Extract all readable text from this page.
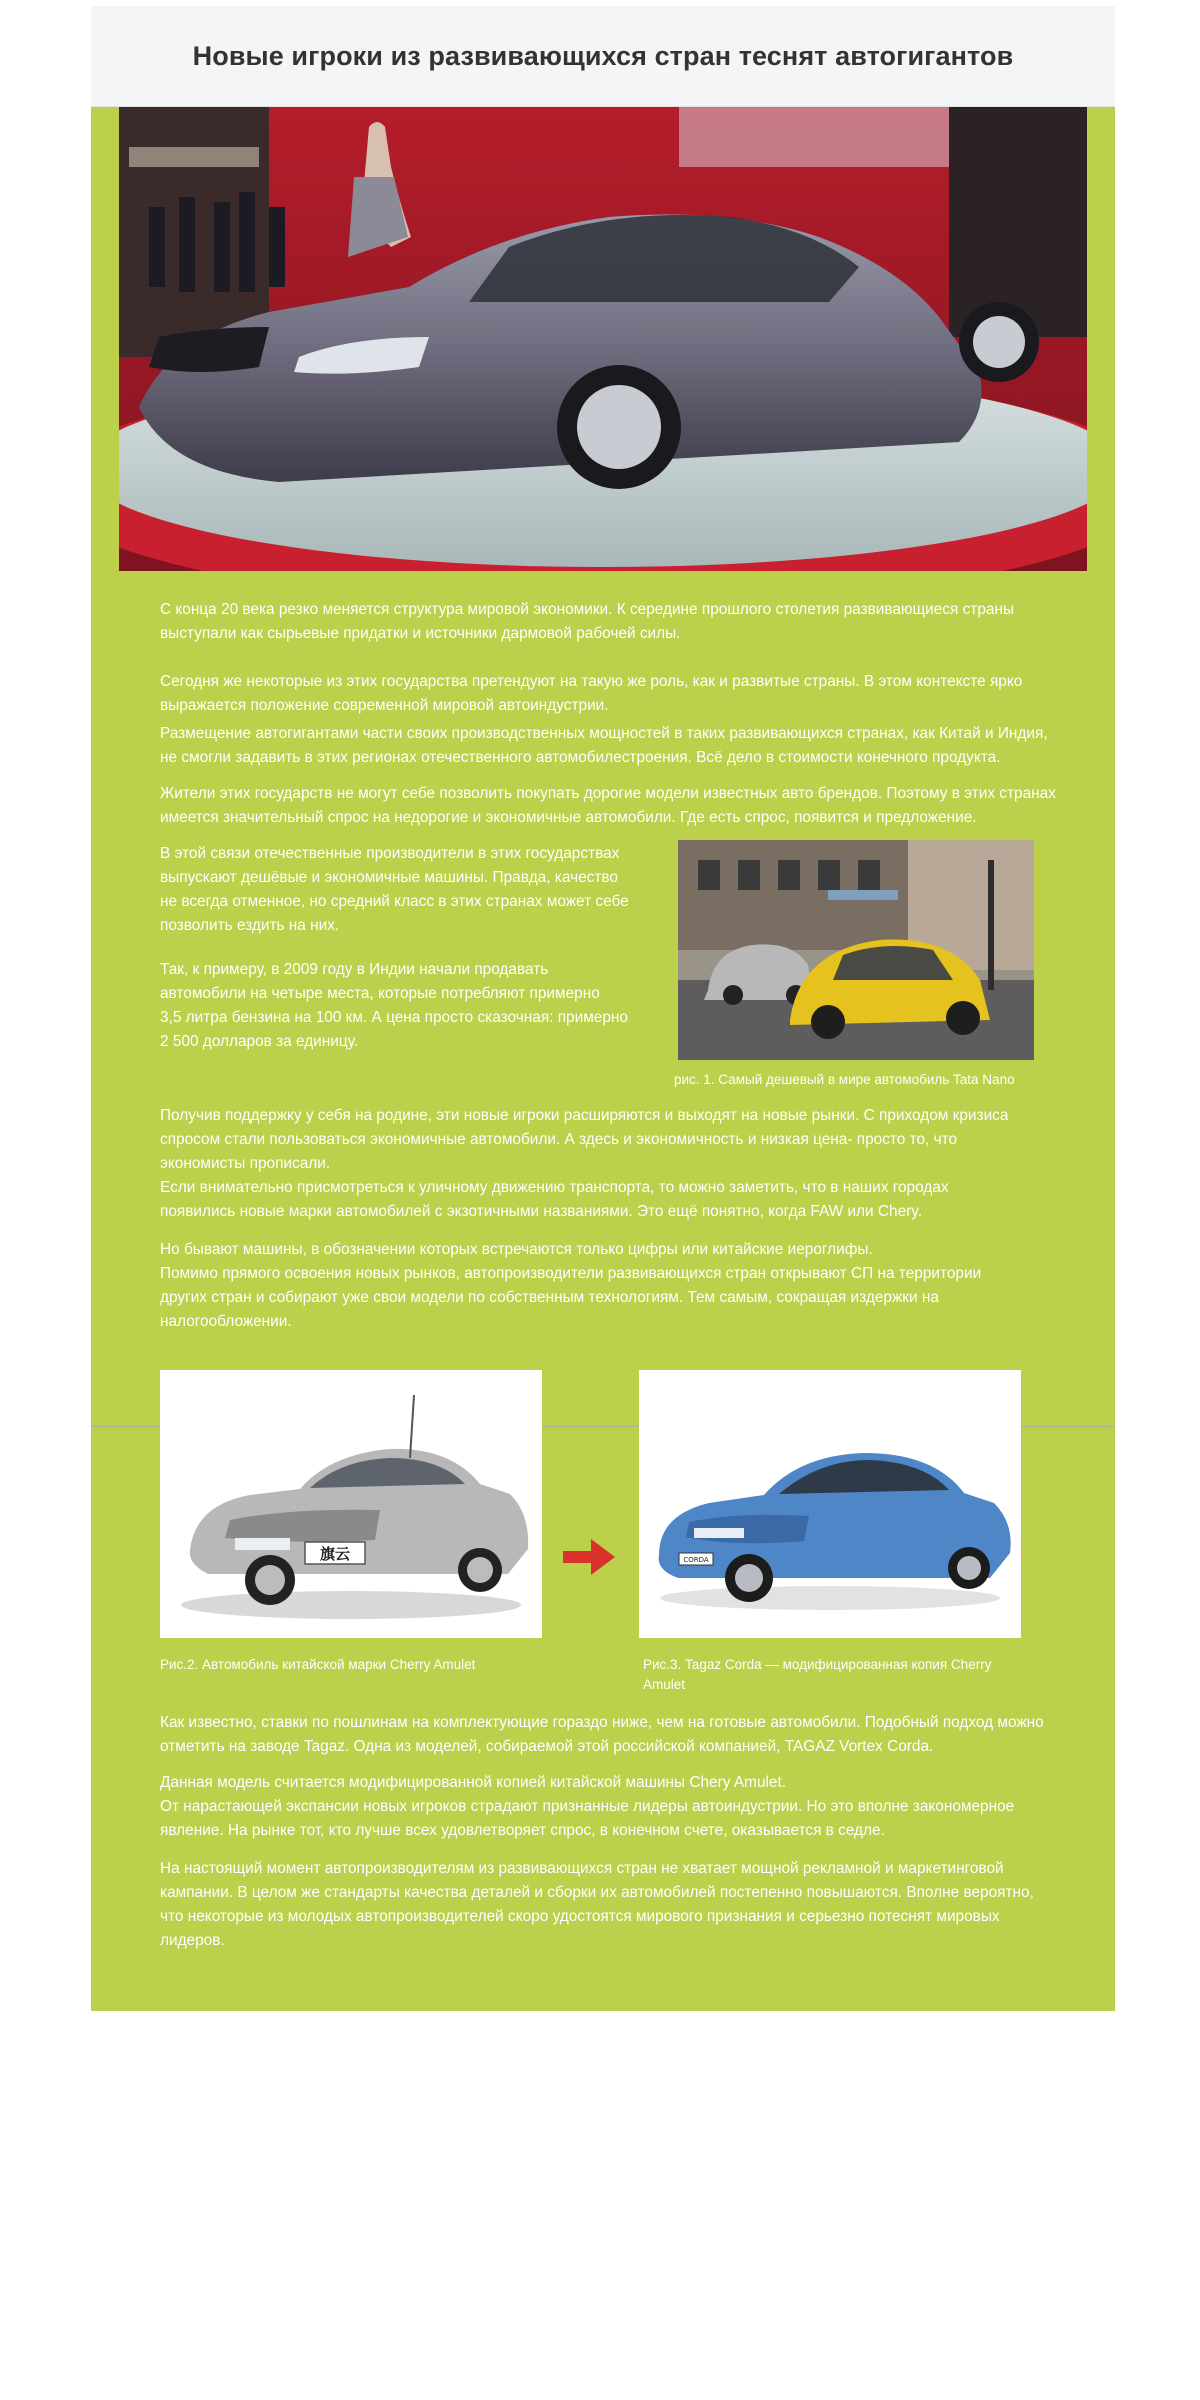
Новые игроки из развивающихся стран теснят автогигантов

С конца 20 века резко меняется структура мировой экономики. К середине прошлого столетия развивающиеся страны
выступали как сырьевые придатки и источники дармовой рабочей силы.

Сегодня же некоторые из этих государства претендуют на такую же роль, как и развитые страны. В этом контексте ярко
выражается положение современной мировой автоиндустрии.

Размещение автогигантами части своих производственных мощностей в таких развивающихся странах, как Китай и Индия,
не смогли задавить в этих регионах отечественного автомобилестроения. Всё дело в стоимости конечного продукта.

Жители этих государств не могут себе позволить покупать дорогие модели известных авто брендов. Поэтому в этих странах
имеется значительный спрос на недорогие и экономичные автомобили. Где есть спрос, появится и предложение.

В этой связи отечественные производители в этих государствах
выпускают дешёвые и экономичные машины. Правда, качество
не всегда отменное, но средний класс в этих странах может себе
позволить ездить на них.

Так, к примеру, в 2009 году в Индии начали продавать
автомобили на четыре места, которые потребляют примерно
3,5 литра бензина на 100 км. А цена просто сказочная: примерно
2 500 долларов за единицу.

рис. 1. Самый дешевый в мире автомобиль Tata Nano

Получив поддержку у себя на родине, эти новые игроки расширяются и выходят на новые рынки. С приходом кризиса
спросом стали пользоваться экономичные автомобили. А здесь и экономичность и низкая цена- просто то, что
экономисты прописали.
Если внимательно присмотреться к уличному движению транспорта, то можно заметить, что в наших городах
появились новые марки автомобилей с экзотичными названиями. Это ещё понятно, когда FAW или Chery.

Но бывают машины, в обозначении которых встречаются только цифры или китайские иероглифы.
Помимо прямого освоения новых рынков, автопроизводители развивающихся стран открывают СП на территории
других стран и собирают уже свои модели по собственным технологиям. Тем самым, сокращая издержки на
налогообложении.

旗云	CORDA
Рис.2. Автомобиль китайской марки Cherry Amulet	Рис.3. Tagaz Corda — модифицированная копия Cherry
Amulet

Как известно, ставки по пошлинам на комплектующие гораздо ниже, чем на готовые автомобили. Подобный подход можно
отметить на заводе Tagaz. Одна из моделей, собираемой этой российской компанией, TAGAZ Vortex Corda.

Данная модель считается модифицированной копией китайской машины Chery Amulet.
От нарастающей экспансии новых игроков страдают признанные лидеры автоиндустрии. Но это вполне закономерное
явление. На рынке тот, кто лучше всех удовлетворяет спрос, в конечном счете, оказывается в седле.

На настоящий момент автопроизводителям из развивающихся стран не хватает мощной рекламной и маркетинговой
кампании. В целом же стандарты качества деталей и сборки их автомобилей постепенно повышаются. Вполне вероятно,
что некоторые из молодых автопроизводителей скоро удостоятся мирового признания и серьезно потеснят мировых
лидеров.
